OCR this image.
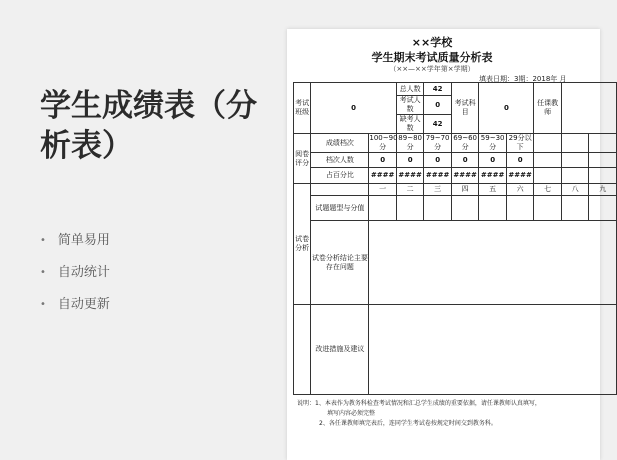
学生成绩表（分析表）
• 简单易用
• 自动统计
• 自动更新
××学校
学生期末考试质量分析表
（××—××学年第×学期）
填表日期：3期：2018年 月
考试班级	0		总人数	42	考试科目	0		任课教师		
			考试人数	0						
			缺考人数	42						
阅卷评分	成绩档次	100~90分	89~80分	79~70分	69~60分	59~30分	29分以下			
	档次人数	0	0	0	0	0	0			
	占百分比	####	####	####	####	####	####			
试卷分析		一	二	三	四	五	六	七	八	九
	试题题型与分值									
	试卷分析结论主要存在问题									
	改进措施及建议									
说明：1、本表作为教务科检查考试情况和汇总学生成绩的重要依据，请任课教师认真填写，
填写内容必须完整
2、各任课教师填完表后，连同学生考试卷按规定时间交到教务科。
